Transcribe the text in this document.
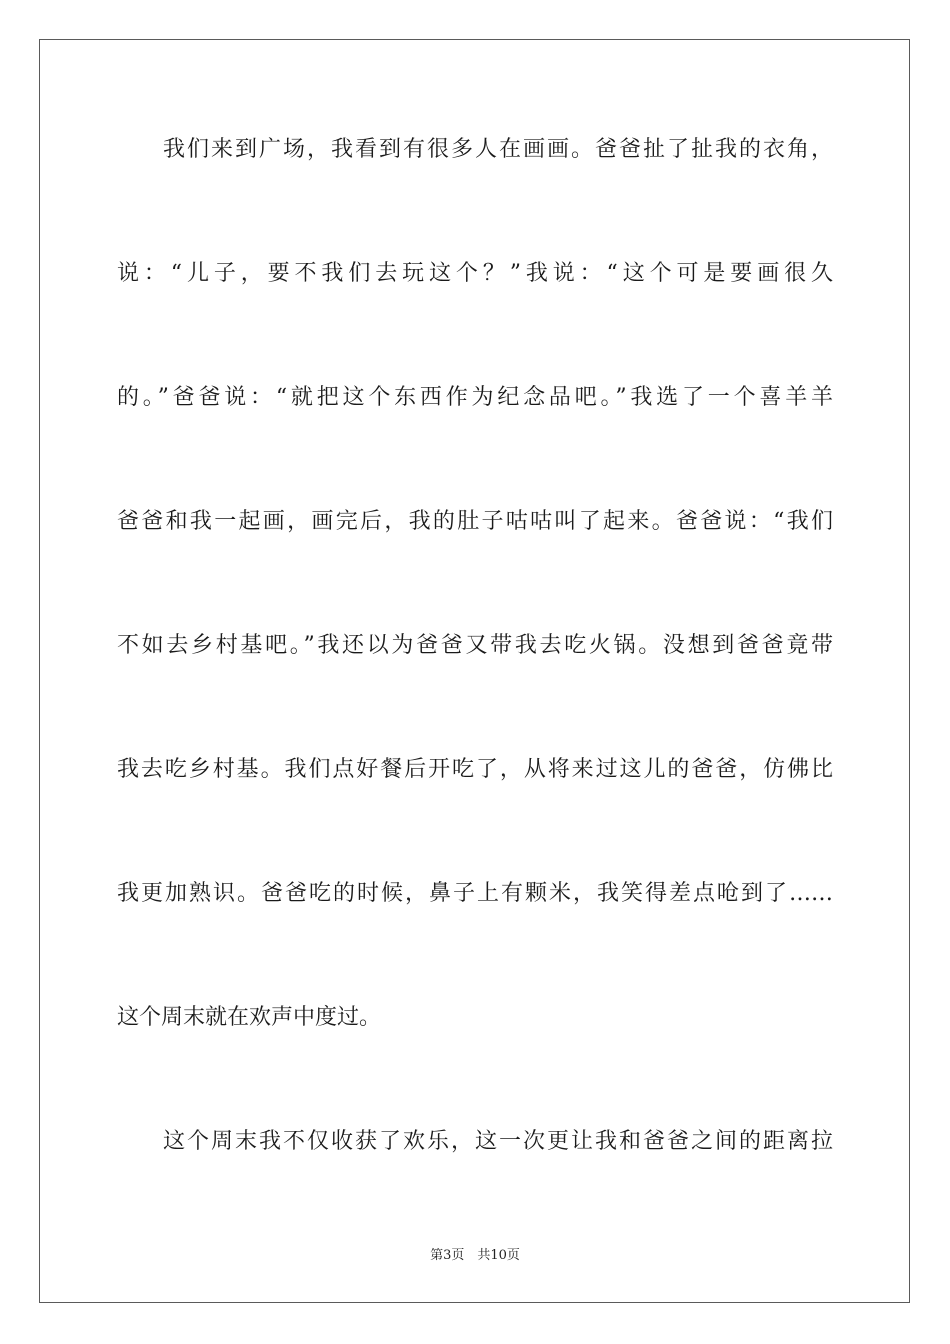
我们来到广场，我看到有很多人在画画。爸爸扯了扯我的衣角，
说：“儿子，要不我们去玩这个？”我说：“这个可是要画很久
的。”爸爸说：“就把这个东西作为纪念品吧。”我选了一个喜羊羊
爸爸和我一起画，画完后，我的肚子咕咕叫了起来。爸爸说：“我们
不如去乡村基吧。”我还以为爸爸又带我去吃火锅。没想到爸爸竟带
我去吃乡村基。我们点好餐后开吃了，从将来过这儿的爸爸，仿佛比
我更加熟识。爸爸吃的时候，鼻子上有颗米，我笑得差点呛到了……
这个周末就在欢声中度过。
这个周末我不仅收获了欢乐，这一次更让我和爸爸之间的距离拉
第3页　共10页
